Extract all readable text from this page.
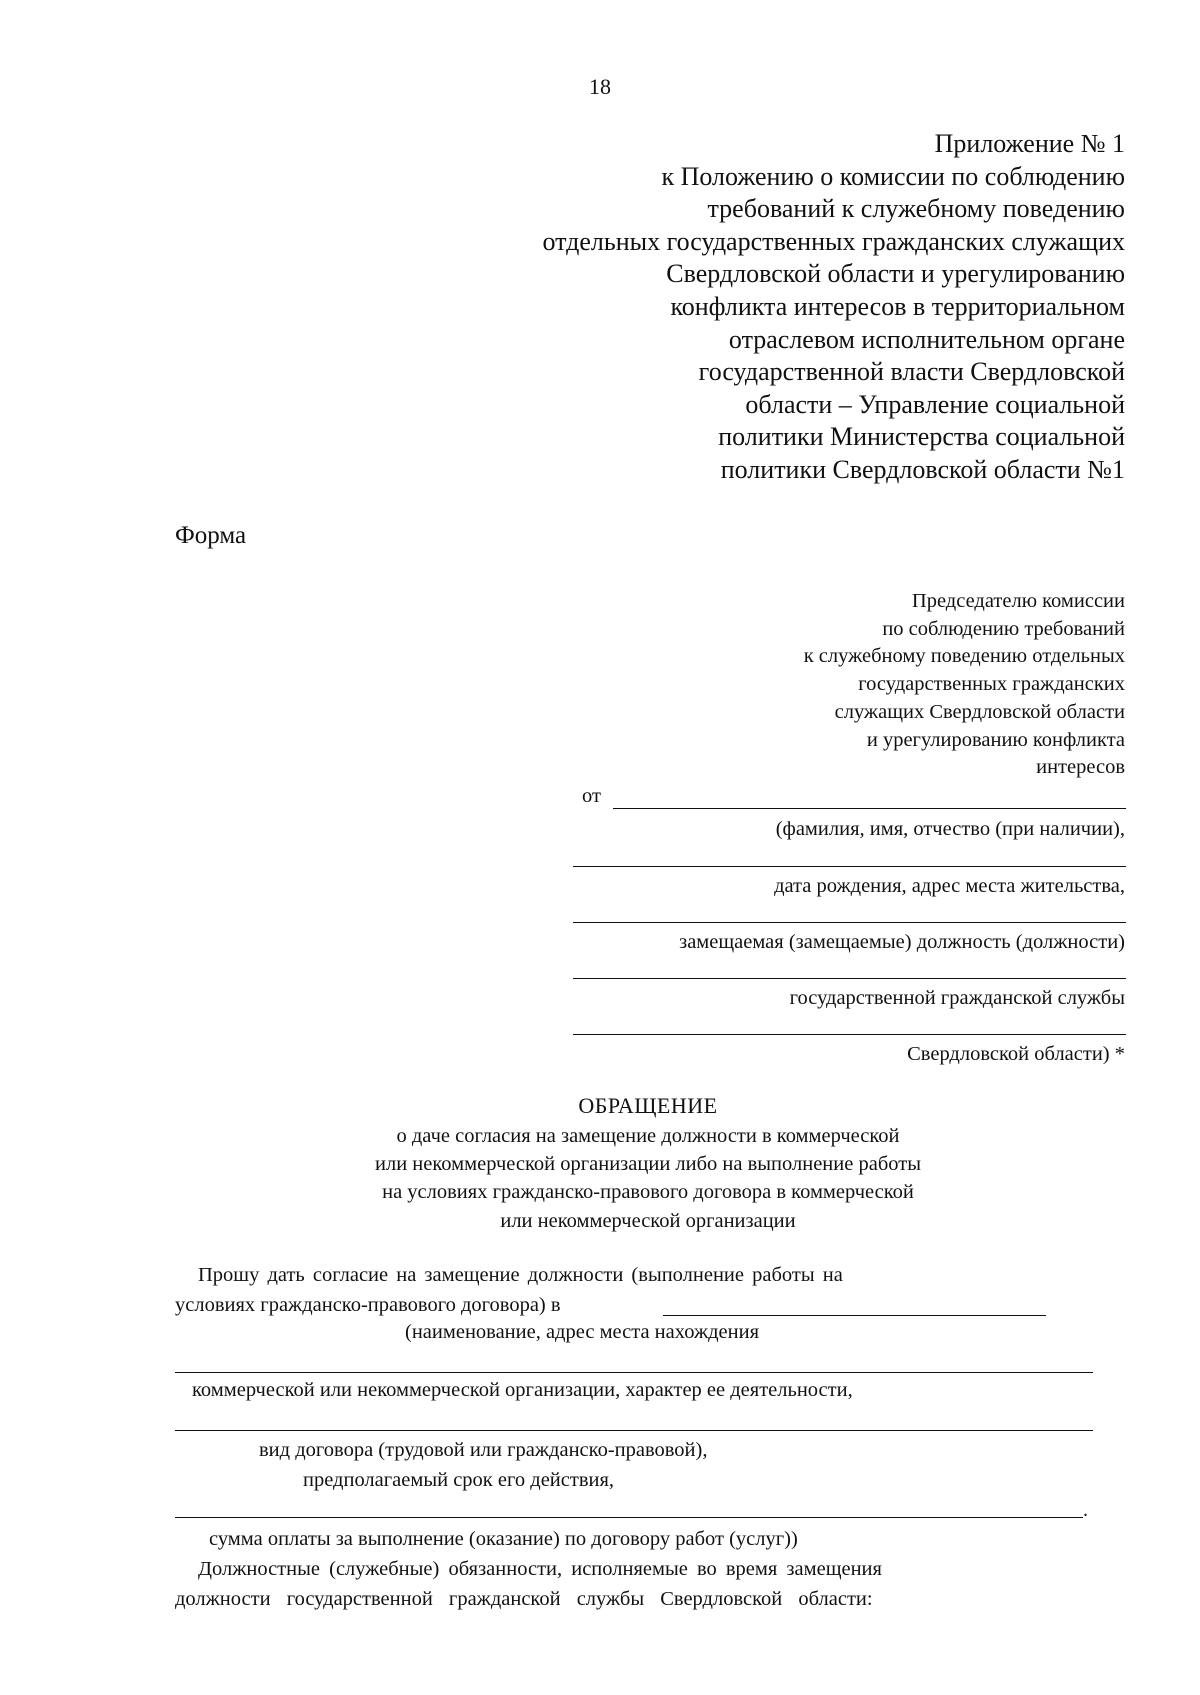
18
Приложение № 1
к Положению о комиссии по соблюдению
требований к служебному поведению
отдельных государственных гражданских служащих
Свердловской области и урегулированию
конфликта интересов в территориальном
отраслевом исполнительном органе
государственной власти Свердловской
области – Управление социальной
политики Министерства социальной
политики Свердловской области №1
Форма
Председателю комиссии
по соблюдению требований
к служебному поведению отдельных
государственных гражданских
служащих Свердловской области
и урегулированию конфликта
интересов
от
(фамилия, имя, отчество (при наличии),
дата рождения, адрес места жительства,
замещаемая (замещаемые) должность (должности)
государственной гражданской службы
Свердловской области) *
ОБРАЩЕНИЕ
о даче согласия на замещение должности в коммерческой
или некоммерческой организации либо на выполнение работы
на условиях гражданско-правового договора в коммерческой
или некоммерческой организации
Прошу дать согласие на замещение должности (выполнение работы на
условиях гражданско-правового договора) в
(наименование, адрес места нахождения
коммерческой или некоммерческой организации, характер ее деятельности,
вид договора (трудовой или гражданско-правовой),
предполагаемый срок его действия,
.
сумма оплаты за выполнение (оказание) по договору работ (услуг))
Должностные (служебные) обязанности, исполняемые во время замещения
должности государственной гражданской службы Свердловской области:
